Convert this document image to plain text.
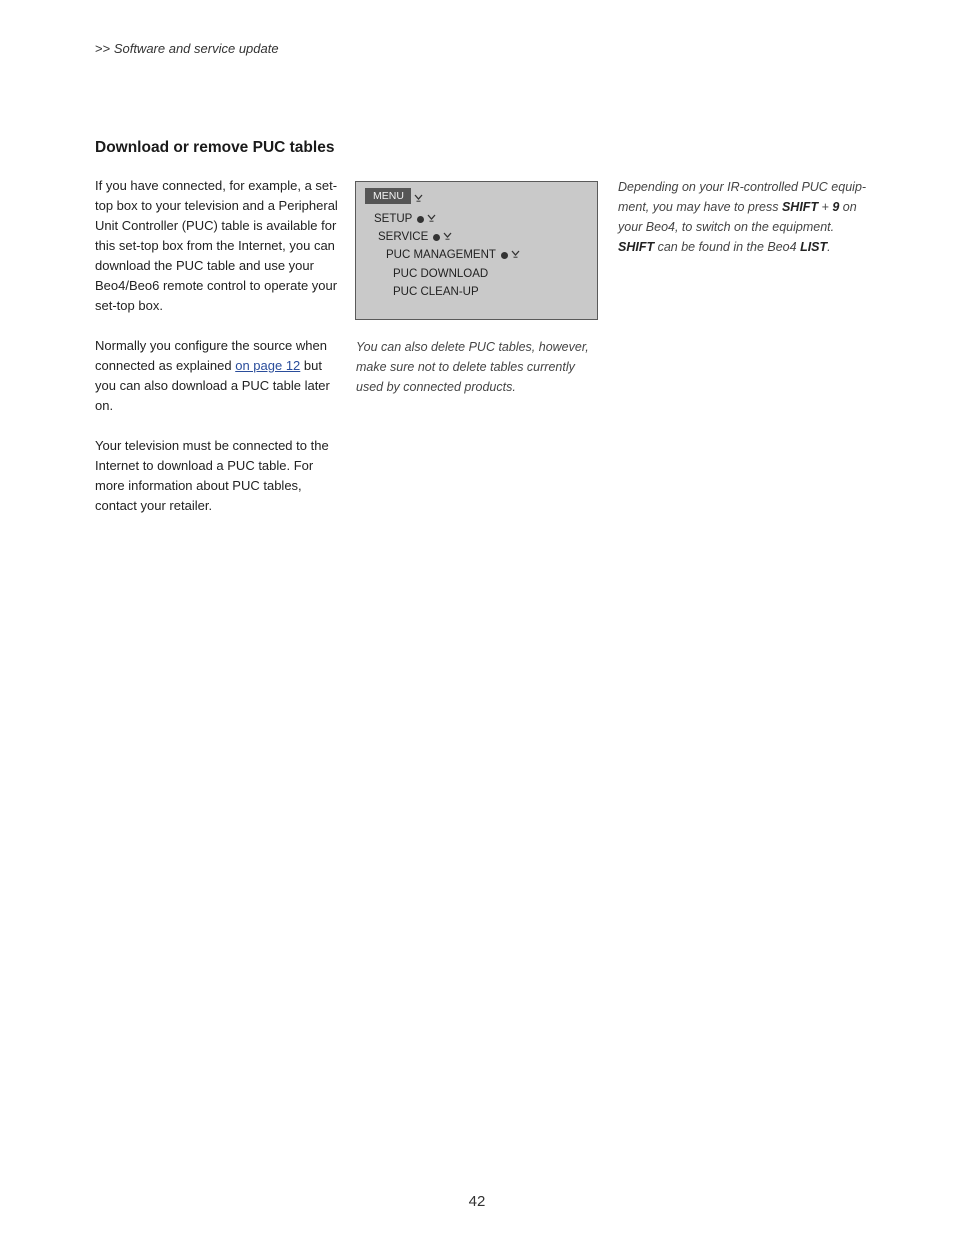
>> Software and service update
Download or remove PUC tables

If you have connected, for example, a set-top box to your television and a Peripheral Unit Controller (PUC) table is available for this set-top box from the Internet, you can download the PUC table and use your Beo4/Beo6 remote control to operate your set-top box.

Normally you configure the source when connected as explained on page 12 but you can also download a PUC table later on.

Your television must be connected to the Internet to download a PUC table. For more information about PUC tables, contact your retailer.

MENU
SETUP
SERVICE
PUC MANAGEMENT
PUC DOWNLOAD
PUC CLEAN-UP
You can also delete PUC tables, however, make sure not to delete tables currently used by connected products.
Depending on your IR-controlled PUC equip-ment, you may have to press SHIFT + 9 on your Beo4, to switch on the equipment. SHIFT can be found in the Beo4 LIST.
42
